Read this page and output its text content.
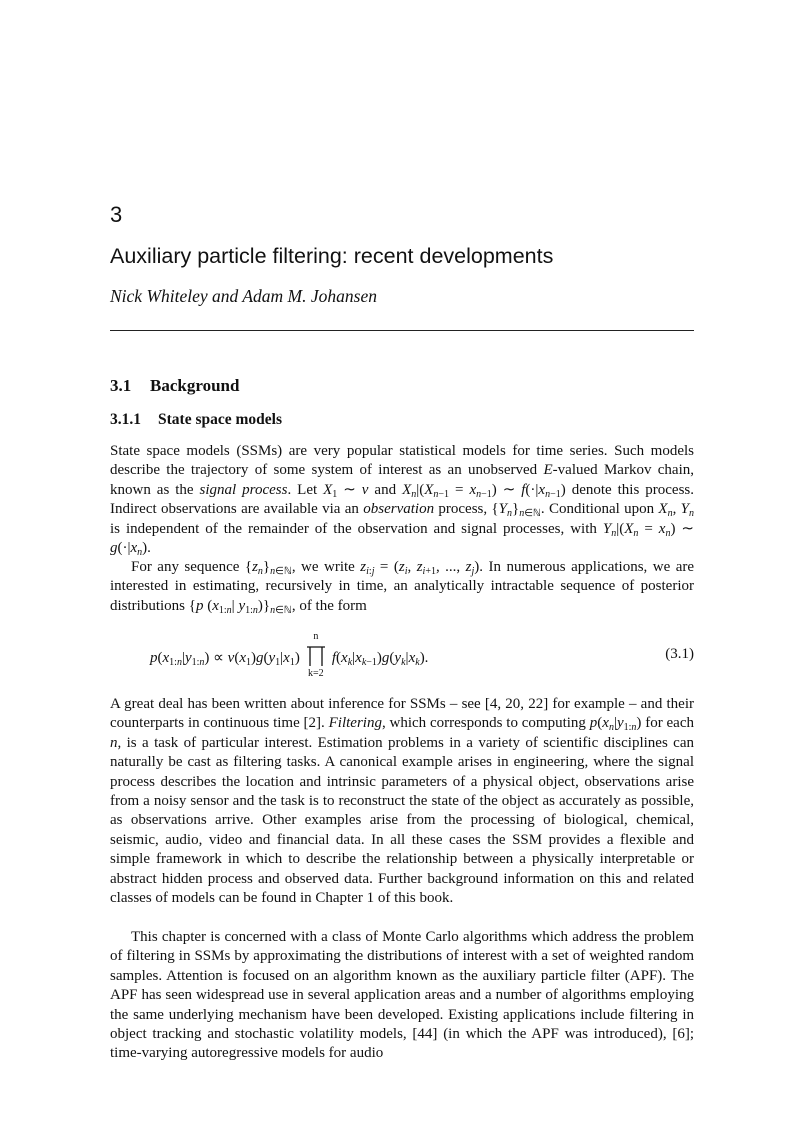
3
Auxiliary particle filtering: recent developments
Nick Whiteley and Adam M. Johansen
3.1 Background
3.1.1 State space models
State space models (SSMs) are very popular statistical models for time series. Such models describe the trajectory of some system of interest as an unobserved E-valued Markov chain, known as the signal process. Let $X_1$ ∼ ν and $X_n|(X_{n-1} = x_{n-1})$ ∼ $f(\cdot|x_{n-1})$ denote this process. Indirect observations are available via an observation process, $\{Y_n\}_{n\in ℕ}$. Conditional upon $X_n$, $Y_n$ is independent of the remainder of the observation and signal processes, with $Y_n|(X_n = x_n)$ ∼ $g(\cdot|x_n)$.
For any sequence $\{z_n\}_{n\in ℕ}$, we write $z_{i:j} = (z_i$, $z_{i+1}$, ..., $z_j$). In numerous applications, we are interested in estimating, recursively in time, an analytically intractable sequence of posterior distributions {p ($x_{1:n}|$ $y_{1:n})\}_{n\in ℕ}$, of the form
$p(x_{1:n}|y_{1:n}) \propto \nu(x_1)g(y_1|x_1)$
n
k=2
$f(x_k|x_{k-1})g(y_k|x_k)$.	(3.1)
A great deal has been written about inference for SSMs – see [4, 20, 22] for example – and their counterparts in continuous time [2]. Filtering, which corresponds to computing $p(x_n|y_{1:n})$ for each n, is a task of particular interest. Estimation problems in a variety of scientific disciplines can naturally be cast as filtering tasks. A canonical example arises in engineering, where the signal process describes the location and intrinsic parameters of a physical object, observations arise from a noisy sensor and the task is to reconstruct the state of the object as accurately as possible, as observations arrive. Other examples arise from the processing of biological, chemical, seismic, audio, video and financial data. In all these cases the SSM provides a flexible and simple framework in which to describe the relationship between a physically interpretable or abstract hidden process and observed data. Further background information on this and related classes of models can be found in Chapter 1 of this book.
This chapter is concerned with a class of Monte Carlo algorithms which address the problem of filtering in SSMs by approximating the distributions of interest with a set of weighted random samples. Attention is focused on an algorithm known as the auxiliary particle filter (APF). The APF has seen widespread use in several application areas and a number of algorithms employing the same underlying mechanism have been developed. Existing applications include filtering in object tracking and stochastic volatility models, [44] (in which the APF was introduced), [6]; time-varying autoregressive models for audio
